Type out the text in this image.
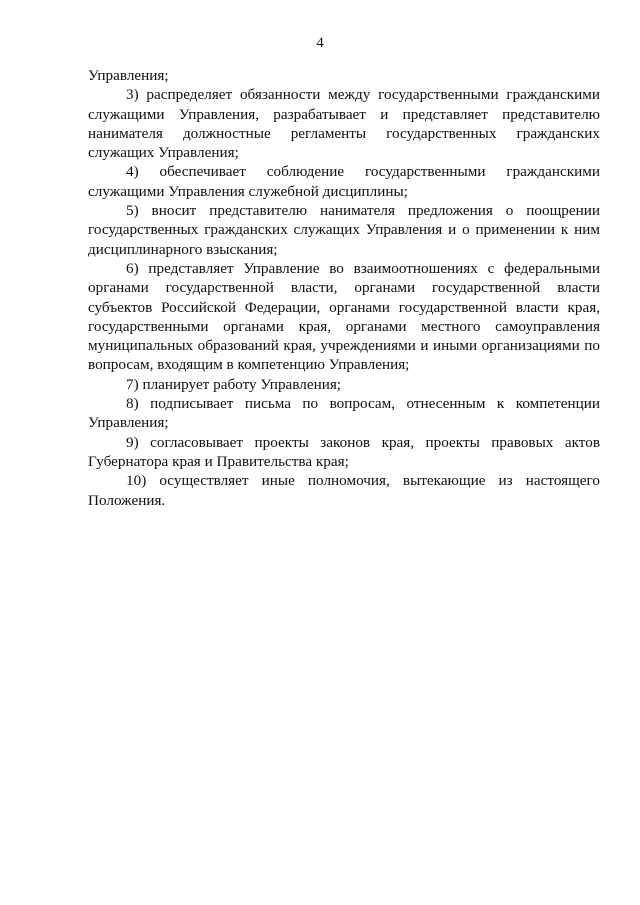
4

Управления;

3) распределяет обязанности между государственными гражданскими служащими Управления, разрабатывает и представляет представителю нанимателя должностные регламенты государственных гражданских служащих Управления;

4) обеспечивает соблюдение государственными гражданскими служащими Управления служебной дисциплины;

5) вносит представителю нанимателя предложения о поощрении государственных гражданских служащих Управления и о применении к ним дисциплинарного взыскания;

6) представляет Управление во взаимоотношениях с федеральными органами государственной власти, органами государственной власти субъектов Российской Федерации, органами государственной власти края, государственными органами края, органами местного самоуправления муниципальных образований края, учреждениями и иными организациями по вопросам, входящим в компетенцию Управления;

7) планирует работу Управления;

8) подписывает письма по вопросам, отнесенным к компетенции Управления;

9) согласовывает проекты законов края, проекты правовых актов Губернатора края и Правительства края;

10) осуществляет иные полномочия, вытекающие из настоящего Положения.
